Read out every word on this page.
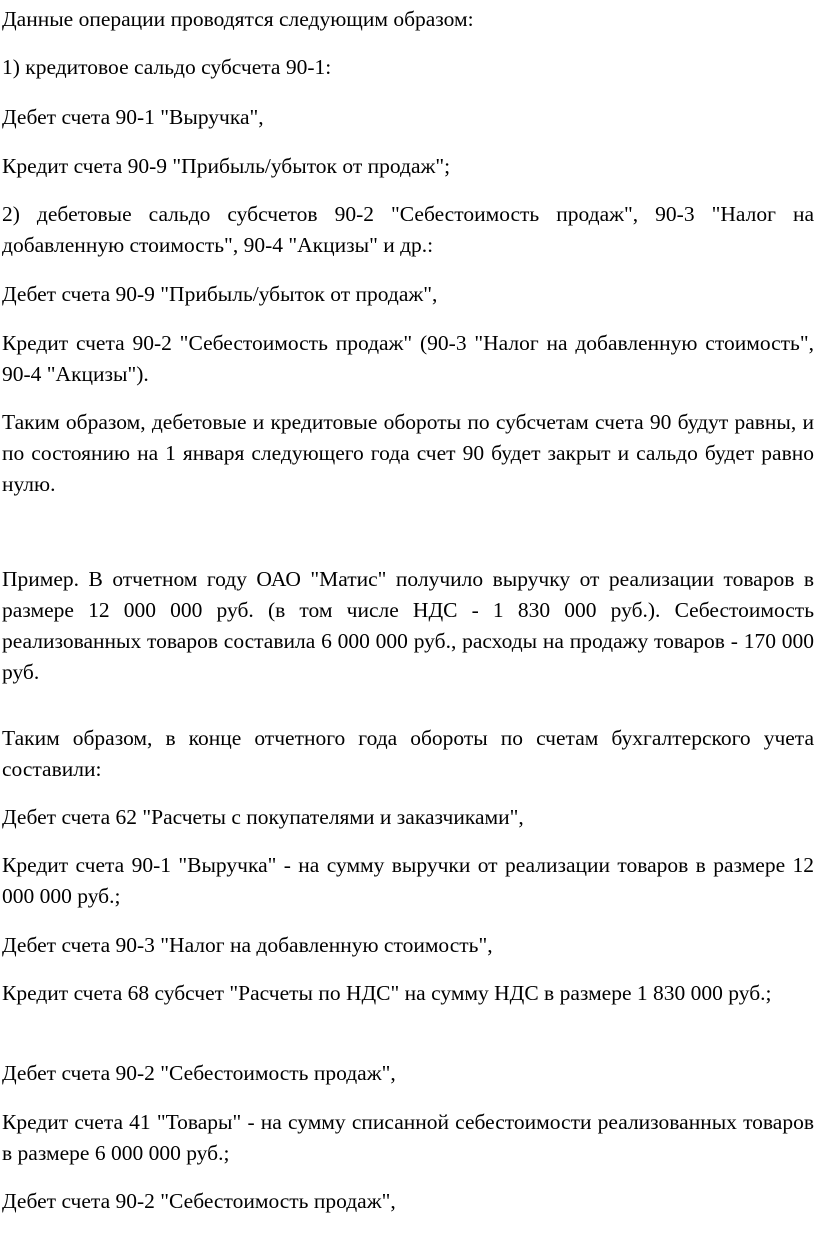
Данные операции проводятся следующим образом:

1) кредитовое сальдо субсчета 90-1:

Дебет счета 90-1 "Выручка",

Кредит счета 90-9 "Прибыль/убыток от продаж";

2) дебетовые сальдо субсчетов 90-2 "Себестоимость продаж", 90-3 "Налог на добавленную стоимость", 90-4 "Акцизы" и др.:

Дебет счета 90-9 "Прибыль/убыток от продаж",

Кредит счета 90-2 "Себестоимость продаж" (90-3 "Налог на добавленную стоимость", 90-4 "Акцизы").

Таким образом, дебетовые и кредитовые обороты по субсчетам счета 90 будут равны, и по состоянию на 1 января следующего года счет 90 будет закрыт и сальдо будет равно нулю.

Пример. В отчетном году ОАО "Матис" получило выручку от реализации товаров в размере 12 000 000 руб. (в том числе НДС - 1 830 000 руб.). Себестоимость реализованных товаров составила 6 000 000 руб., расходы на продажу товаров - 170 000 руб.

Таким образом, в конце отчетного года обороты по счетам бухгалтерского учета составили:

Дебет счета 62 "Расчеты с покупателями и заказчиками",

Кредит счета 90-1 "Выручка" - на сумму выручки от реализации товаров в размере 12 000 000 руб.;

Дебет счета 90-3 "Налог на добавленную стоимость",

Кредит счета 68 субсчет "Расчеты по НДС" на сумму НДС в размере 1 830 000 руб.;

Дебет счета 90-2 "Себестоимость продаж",

Кредит счета 41 "Товары" - на сумму списанной себестоимости реализованных товаров в размере 6 000 000 руб.;

Дебет счета 90-2 "Себестоимость продаж",
